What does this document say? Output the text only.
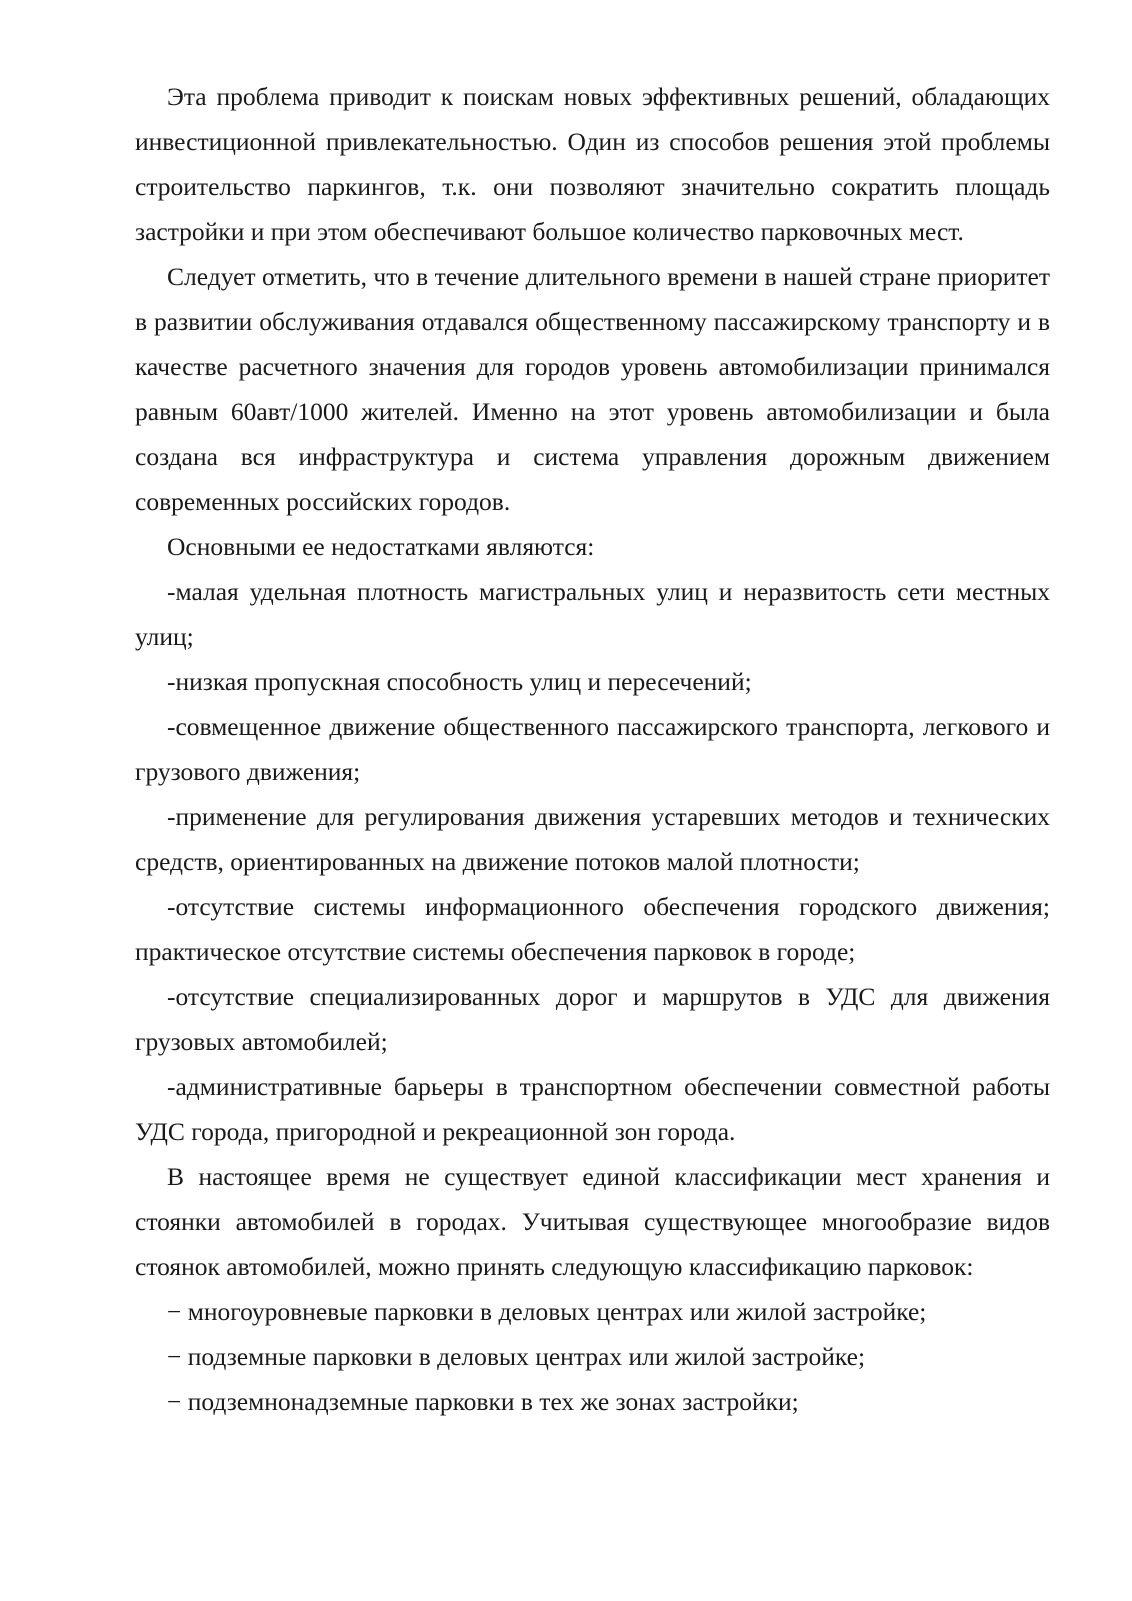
Эта проблема приводит к поискам новых эффективных решений, обладающих инвестиционной привлекательностью. Один из способов решения этой проблемы строительство паркингов, т.к. они позволяют значительно сократить площадь застройки и при этом обеспечивают большое количество парковочных мест.

Следует отметить, что в течение длительного времени в нашей стране приоритет в развитии обслуживания отдавался общественному пассажирскому транспорту и в качестве расчетного значения для городов уровень автомобилизации принимался равным 60авт/1000 жителей. Именно на этот уровень автомобилизации и была создана вся инфраструктура и система управления дорожным движением современных российских городов.

Основными ее недостатками являются:

-малая удельная плотность магистральных улиц и неразвитость сети местных улиц;

-низкая пропускная способность улиц и пересечений;

-совмещенное движение общественного пассажирского транспорта, легкового и грузового движения;

-применение для регулирования движения устаревших методов и технических средств, ориентированных на движение потоков малой плотности;

-отсутствие системы информационного обеспечения городского движения; практическое отсутствие системы обеспечения парковок в городе;

-отсутствие специализированных дорог и маршрутов в УДС для движения грузовых автомобилей;

-административные барьеры в транспортном обеспечении совместной работы УДС города, пригородной и рекреационной зон города.

В настоящее время не существует единой классификации мест хранения и стоянки автомобилей в городах. Учитывая существующее многообразие видов стоянок автомобилей, можно принять следующую классификацию парковок:

− многоуровневые парковки в деловых центрах или жилой застройке;

− подземные парковки в деловых центрах или жилой застройке;

− подземнонадземные парковки в тех же зонах застройки;
